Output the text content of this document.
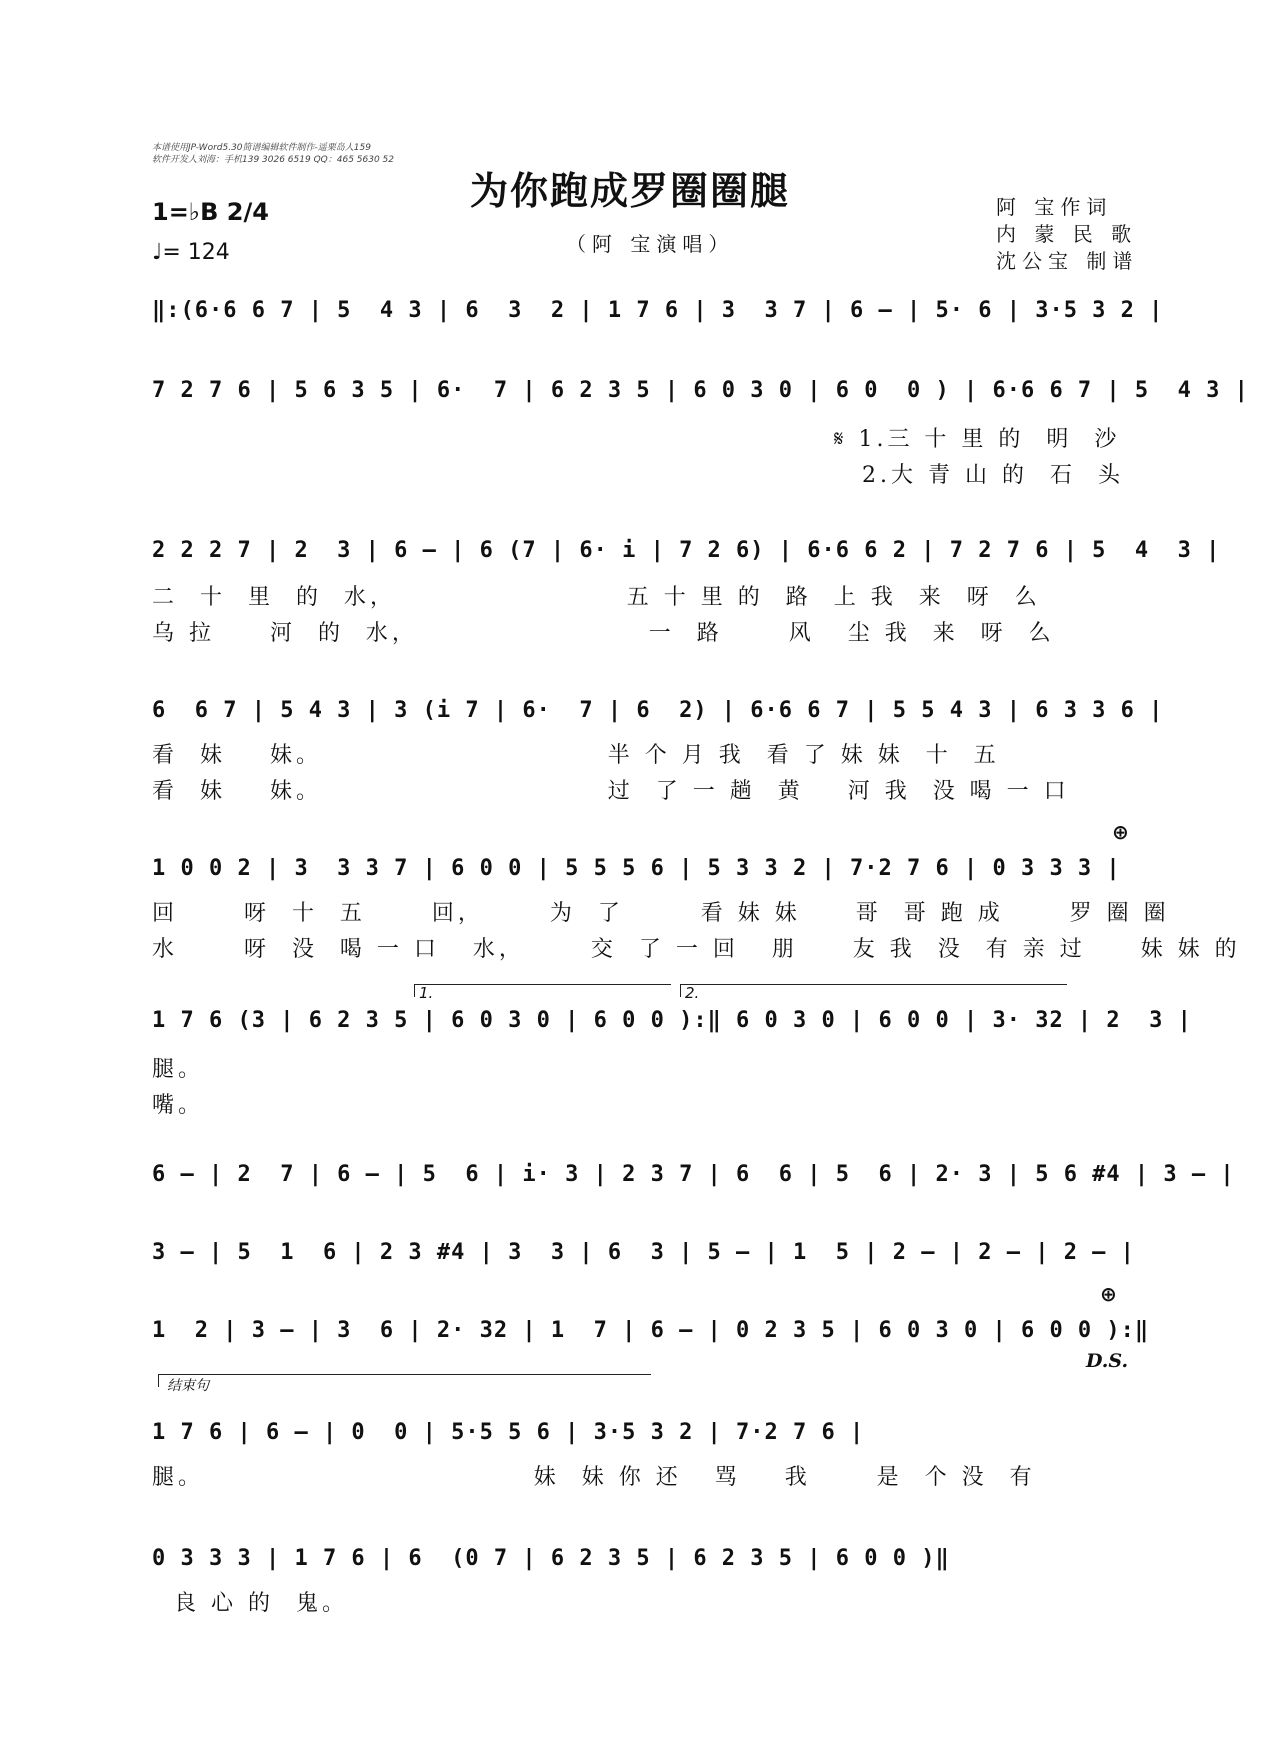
本谱使用JP-Word5.30简谱编辑软件制作-遥栗岛人159
软件开发人刘海：手机139 3026 6519 QQ：465 5630 52
为你跑成罗圈圈腿
（阿 宝演唱）
阿 宝作词
内 蒙 民 歌
沈公宝 制谱
1=♭B 2/4
♩= 124
‖:(6·6 6 7 | 5  4 3 | 6  3  2 | 1 7 6 | 3  3 7 | 6 – | 5· 6 | 3·5 3 2 |
7 2 7 6 | 5 6 3 5 | 6·  7 | 6 2 3 5 | 6 0 3 0 | 6 0  0 ) | 6·6 6 7 | 5  4 3 |
𝄋 1.三 十 里 的  明  沙
2.大 青 山 的  石  头
2 2 2 7 | 2  3 | 6 – | 6 (7 | 6· i | 7 2 6) | 6·6 6 2 | 7 2 7 6 | 5  4  3 |
二  十  里  的  水，                     五 十 里 的  路  上 我  来  呀  么
乌 拉     河  的  水，                     一  路      风   尘 我  来  呀  么
6  6 7 | 5 4 3 | 3 (i 7 | 6·  7 | 6  2) | 6·6 6 7 | 5 5 4 3 | 6 3 3 6 |
看  妹    妹。                          半 个 月 我  看 了 妹 妹  十  五
看  妹    妹。                          过  了 一 趟  黄    河 我  没 喝 一 口
⊕
1 0 0 2 | 3  3 3 7 | 6 0 0 | 5 5 5 6 | 5 3 3 2 | 7·2 7 6 | 0 3 3 3 |
回      呀  十  五      回，      为  了       看 妹 妹     哥  哥 跑 成      罗 圈 圈
水      呀  没  喝 一 口   水，      交  了 一 回   朋     友 我  没  有 亲 过     妹 妹 的
1.	2.
1 7 6 (3 | 6 2 3 5 | 6 0 3 0 | 6 0 0 ):‖ 6 0 3 0 | 6 0 0 | 3· 32 | 2  3 |
腿。
嘴。
6 – | 2  7 | 6 – | 5  6 | i· 3 | 2 3 7 | 6  6 | 5  6 | 2· 3 | 5 6 #4 | 3 – |
3 – | 5  1  6 | 2 3 #4 | 3  3 | 6  3 | 5 – | 1  5 | 2 – | 2 – | 2 – |
⊕
1  2 | 3 – | 3  6 | 2· 32 | 1  7 | 6 – | 0 2 3 5 | 6 0 3 0 | 6 0 0 ):‖
D.S.
结束句
1 7 6 | 6 – | 0  0 | 5·5 5 6 | 3·5 3 2 | 7·2 7 6 |
腿。                              妹  妹 你 还   骂    我      是  个 没  有
0 3 3 3 | 1 7 6 | 6  (0 7 | 6 2 3 5 | 6 2 3 5 | 6 0 0 )‖
良 心 的  鬼。
